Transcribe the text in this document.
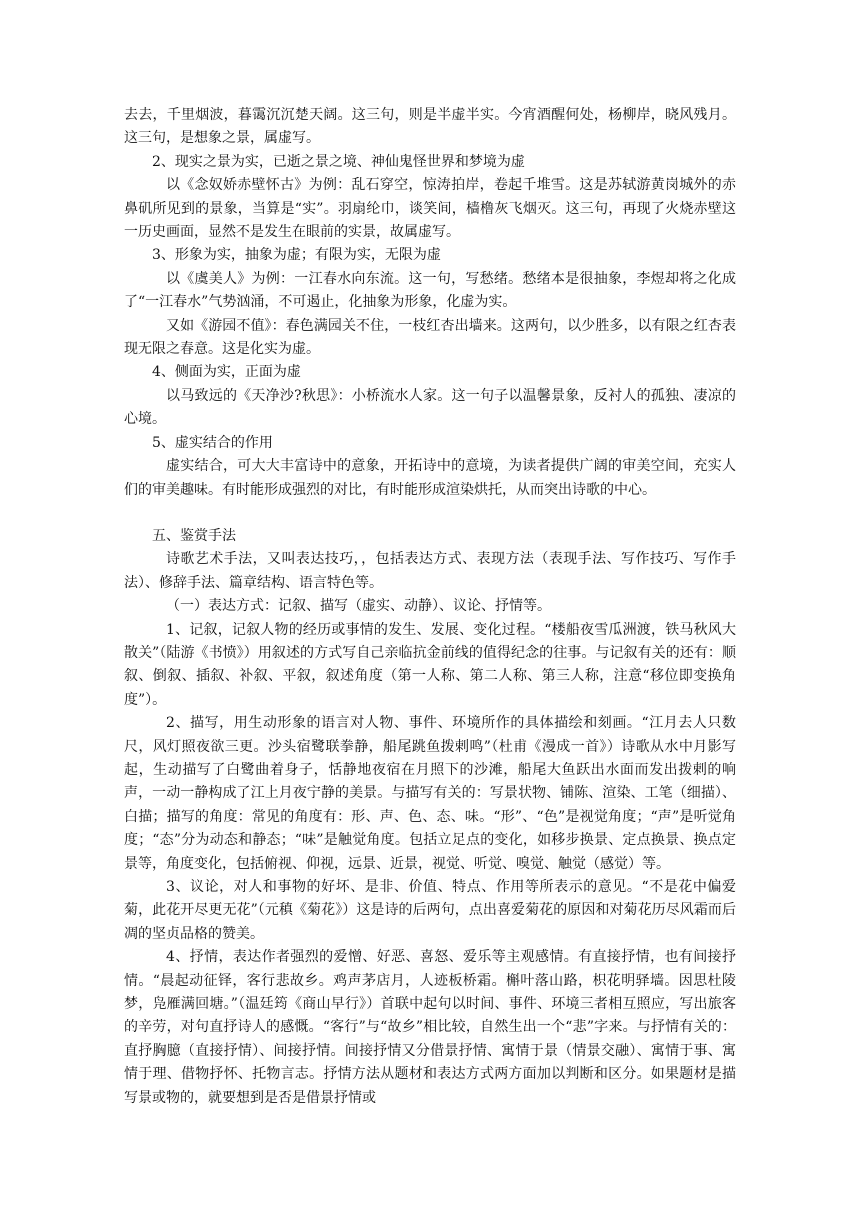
去去，千里烟波，暮霭沉沉楚天阔。这三句，则是半虚半实。今宵酒醒何处，杨柳岸，晓风残月。这三句，是想象之景，属虚写。

2、现实之景为实，已逝之景之境、神仙鬼怪世界和梦境为虚

以《念奴娇赤壁怀古》为例：乱石穿空，惊涛拍岸，卷起千堆雪。这是苏轼游黄岗城外的赤鼻矶所见到的景象，当算是“实”。羽扇纶巾，谈笑间，樯橹灰飞烟灭。这三句，再现了火烧赤壁这一历史画面，显然不是发生在眼前的实景，故属虚写。

3、形象为实，抽象为虚；有限为实，无限为虚

以《虞美人》为例：一江春水向东流。这一句，写愁绪。愁绪本是很抽象，李煜却将之化成了“一江春水”气势汹涌，不可遏止，化抽象为形象，化虚为实。

又如《游园不值》：春色满园关不住，一枝红杏出墙来。这两句，以少胜多，以有限之红杏表现无限之春意。这是化实为虚。

4、侧面为实，正面为虚

以马致远的《天净沙?秋思》：小桥流水人家。这一句子以温馨景象，反衬人的孤独、凄凉的心境。

5、虚实结合的作用

虚实结合，可大大丰富诗中的意象，开拓诗中的意境，为读者提供广阔的审美空间，充实人们的审美趣味。有时能形成强烈的对比，有时能形成渲染烘托，从而突出诗歌的中心。

五、鉴赏手法

诗歌艺术手法，又叫表达技巧，，包括表达方式、表现方法（表现手法、写作技巧、写作手法）、修辞手法、篇章结构、语言特色等。

（一）表达方式：记叙、描写（虚实、动静）、议论、抒情等。

1、记叙，记叙人物的经历或事情的发生、发展、变化过程。“楼船夜雪瓜洲渡，铁马秋风大散关”（陆游《书愤》）用叙述的方式写自己亲临抗金前线的值得纪念的往事。与记叙有关的还有：顺叙、倒叙、插叙、补叙、平叙，叙述角度（第一人称、第二人称、第三人称，注意“移位即变换角度”）。

2、描写，用生动形象的语言对人物、事件、环境所作的具体描绘和刻画。“江月去人只数尺，风灯照夜欲三更。沙头宿鹭联拳静，船尾跳鱼拨剌鸣”（杜甫《漫成一首》）诗歌从水中月影写起，生动描写了白鹭曲着身子，恬静地夜宿在月照下的沙滩，船尾大鱼跃出水面而发出拨剌的响声，一动一静构成了江上月夜宁静的美景。与描写有关的：写景状物、铺陈、渲染、工笔（细描）、白描；描写的角度：常见的角度有：形、声、色、态、味。“形”、“色”是视觉角度；“声”是听觉角度；“态”分为动态和静态；“味”是触觉角度。包括立足点的变化，如移步换景、定点换景、换点定景等，角度变化，包括俯视、仰视，远景、近景，视觉、听觉、嗅觉、触觉（感觉）等。

3、议论，对人和事物的好坏、是非、价值、特点、作用等所表示的意见。“不是花中偏爱菊，此花开尽更无花”（元稹《菊花》）这是诗的后两句，点出喜爱菊花的原因和对菊花历尽风霜而后凋的坚贞品格的赞美。

4、抒情，表达作者强烈的爱憎、好恶、喜怒、爱乐等主观感情。有直接抒情，也有间接抒情。“晨起动征铎，客行悲故乡。鸡声茅店月，人迹板桥霜。槲叶落山路，枳花明驿墙。因思杜陵梦，凫雁满回塘。”（温廷筠《商山早行》）首联中起句以时间、事件、环境三者相互照应，写出旅客的辛劳，对句直抒诗人的感慨。“客行”与“故乡”相比较，自然生出一个“悲”字来。与抒情有关的：直抒胸臆（直接抒情）、间接抒情。间接抒情又分借景抒情、寓情于景（情景交融）、寓情于事、寓情于理、借物抒怀、托物言志。抒情方法从题材和表达方式两方面加以判断和区分。如果题材是描写景或物的，就要想到是否是借景抒情或
